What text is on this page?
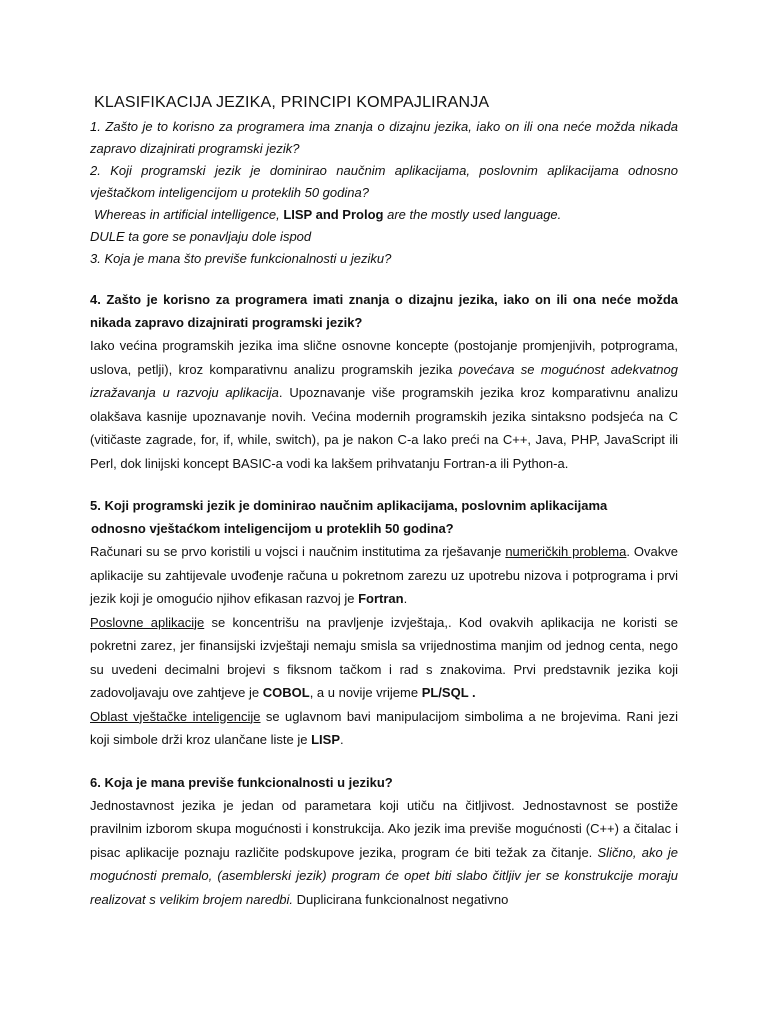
KLASIFIKACIJA JEZIKA, PRINCIPI KOMPAJLIRANJA

1. Zašto je to korisno za programera ima znanja o dizajnu jezika, iako on ili ona neće možda nikada zapravo dizajnirati programski jezik?

2. Koji programski jezik je dominirao naučnim aplikacijama, poslovnim aplikacijama odnosno vještačkom inteligencijom u proteklih 50 godina?

Whereas in artificial intelligence, LISP and Prolog are the mostly used language.

DULE ta gore se ponavljaju dole ispod

3. Koja je mana što previše funkcionalnosti u jeziku?

4. Zašto je korisno za programera imati znanja o dizajnu jezika, iako on ili ona neće možda nikada zapravo dizajnirati programski jezik?

Iako većina programskih jezika ima slične osnovne koncepte (postojanje promjenjivih, potprograma, uslova, petlji), kroz komparativnu analizu programskih jezika povećava se mogućnost adekvatnog izražavanja u razvoju aplikacija. Upoznavanje više programskih jezika kroz komparativnu analizu olakšava kasnije upoznavanje novih. Većina modernih programskih jezika sintaksno podsjeća na C (vitičaste zagrade, for, if, while, switch), pa je nakon C-a lako preći na C++, Java, PHP, JavaScript ili Perl, dok linijski koncept BASIC-a vodi ka lakšem prihvatanju Fortran-a ili Python-a.

5. Koji programski jezik je dominirao naučnim aplikacijama, poslovnim aplikacijama
odnosno vještaćkom inteligencijom u proteklih 50 godina?

Računari su se prvo koristili u vojsci i naučnim institutima za rješavanje numeričkih problema. Ovakve aplikacije su zahtijevale uvođenje računa u pokretnom zarezu uz upotrebu nizova i potprograma i prvi jezik koji je omogućio njihov efikasan razvoj je Fortran.

Poslovne aplikacije se koncentrišu na pravljenje izvještaja,. Kod ovakvih aplikacija ne koristi se pokretni zarez, jer finansijski izvještaji nemaju smisla sa vrijednostima manjim od jednog centa, nego su uvedeni decimalni brojevi s fiksnom tačkom i rad s znakovima. Prvi predstavnik jezika koji zadovoljavaju ove zahtjeve je COBOL, a u novije vrijeme PL/SQL .

Oblast vještačke inteligencije se uglavnom bavi manipulacijom simbolima a ne brojevima. Rani jezi koji simbole drži kroz ulančane liste je LISP.

6. Koja je mana previše funkcionalnosti u jeziku?

Jednostavnost jezika je jedan od parametara koji utiču na čitljivost. Jednostavnost se postiže pravilnim izborom skupa mogućnosti i konstrukcija. Ako jezik ima previše mogućnosti (C++) a čitalac i pisac aplikacije poznaju različite podskupove jezika, program će biti težak za čitanje. Slično, ako je mogućnosti premalo, (asemblerski jezik) program će opet biti slabo čitljiv jer se konstrukcije moraju realizovat s velikim brojem naredbi. Duplicirana funkcionalnost negativno
